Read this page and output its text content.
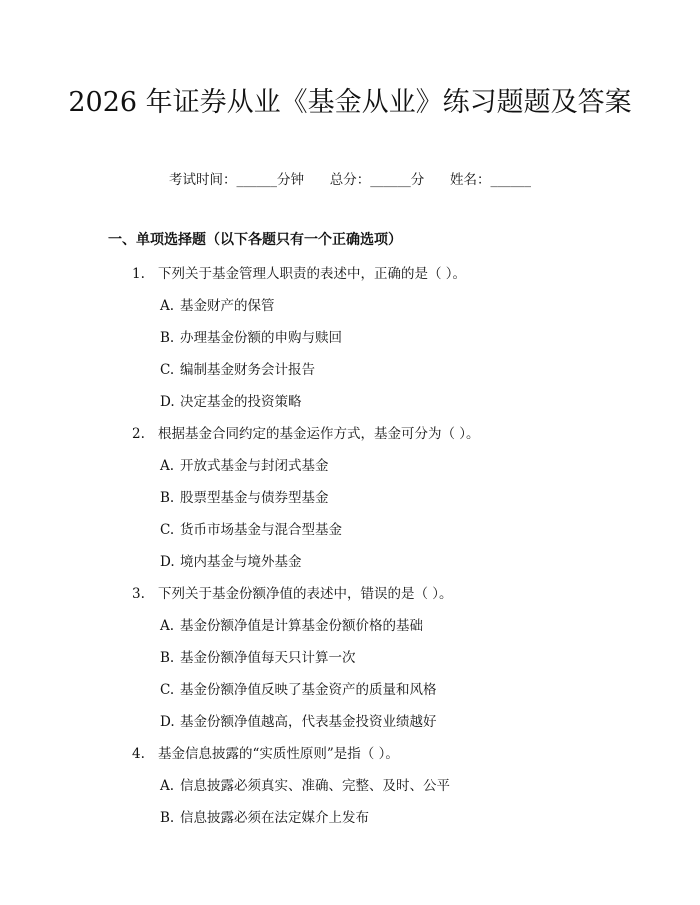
2026 年证券从业《基金从业》练习题题及答案
考试时间：______分钟      总分：______分      姓名：______
一、单项选择题（以下各题只有一个正确选项）
1. 下列关于基金管理人职责的表述中，正确的是（ ）。
A. 基金财产的保管
B. 办理基金份额的申购与赎回
C. 编制基金财务会计报告
D. 决定基金的投资策略
2. 根据基金合同约定的基金运作方式，基金可分为（ ）。
A. 开放式基金与封闭式基金
B. 股票型基金与债券型基金
C. 货币市场基金与混合型基金
D. 境内基金与境外基金
3. 下列关于基金份额净值的表述中，错误的是（ ）。
A. 基金份额净值是计算基金份额价格的基础
B. 基金份额净值每天只计算一次
C. 基金份额净值反映了基金资产的质量和风格
D. 基金份额净值越高，代表基金投资业绩越好
4. 基金信息披露的“实质性原则”是指（ ）。
A. 信息披露必须真实、准确、完整、及时、公平
B. 信息披露必须在法定媒介上发布
